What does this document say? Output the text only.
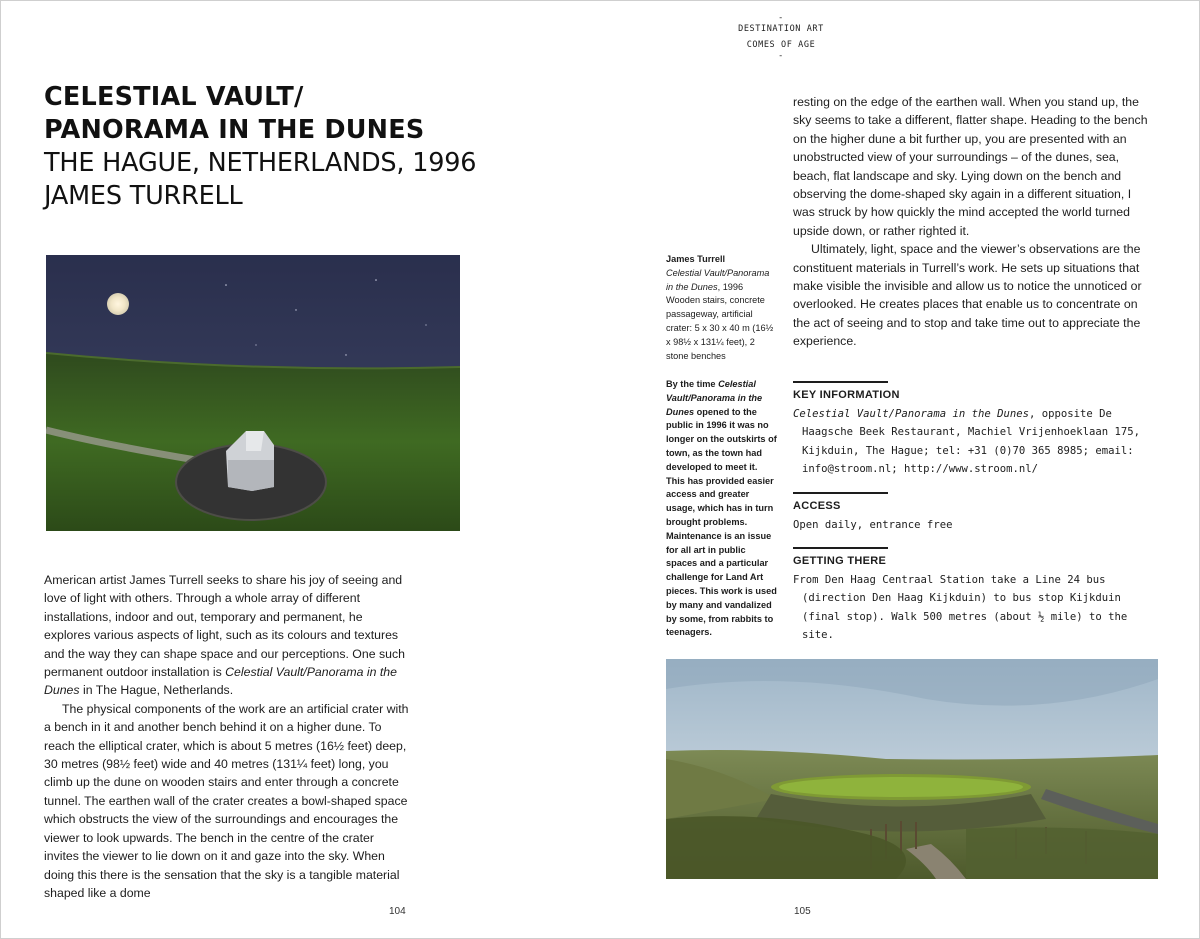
-
DESTINATION ART
COMES OF AGE
-
CELESTIAL VAULT/
PANORAMA IN THE DUNES
THE HAGUE, NETHERLANDS, 1996
JAMES TURRELL

American artist James Turrell seeks to share his joy of seeing and love of light with others. Through a whole array of different installations, indoor and out, temporary and permanent, he explores various aspects of light, such as its colours and textures and the way they can shape space and our perceptions. One such permanent outdoor installation is Celestial Vault/Panorama in the Dunes in The Hague, Netherlands.

The physical components of the work are an artificial crater with a bench in it and another bench behind it on a higher dune. To reach the elliptical crater, which is about 5 metres (16½ feet) deep, 30 metres (98½ feet) wide and 40 metres (131¼ feet) long, you climb up the dune on wooden stairs and enter through a concrete tunnel. The earthen wall of the crater creates a bowl-shaped space which obstructs the view of the surroundings and encourages the viewer to look upwards. The bench in the centre of the crater invites the viewer to lie down on it and gaze into the sky. When doing this there is the sensation that the sky is a tangible material shaped like a dome

James Turrell
Celestial Vault/Panorama in the Dunes, 1996
Wooden stairs, concrete passageway, artificial crater: 5 x 30 x 40 m (16½ x 98½ x 131¼ feet), 2 stone benches
By the time Celestial Vault/Panorama in the Dunes opened to the public in 1996 it was no longer on the outskirts of town, as the town had developed to meet it. This has provided easier access and greater usage, which has in turn brought problems. Maintenance is an issue for all art in public spaces and a particular challenge for Land Art pieces. This work is used by many and vandalized by some, from rabbits to teenagers.

resting on the edge of the earthen wall. When you stand up, the sky seems to take a different, flatter shape. Heading to the bench on the higher dune a bit further up, you are presented with an unobstructed view of your surroundings – of the dunes, sea, beach, flat landscape and sky. Lying down on the bench and observing the dome-shaped sky again in a different situation, I was struck by how quickly the mind accepted the world turned upside down, or rather righted it.

Ultimately, light, space and the viewer’s observations are the constituent materials in Turrell’s work. He sets up situations that make visible the invisible and allow us to notice the unnoticed or overlooked. He creates places that enable us to concentrate on the act of seeing and to stop and take time out to appreciate the experience.

KEY INFORMATION

Celestial Vault/Panorama in the Dunes, opposite De Haagsche Beek Restaurant, Machiel Vrijenhoeklaan 175, Kijkduin, The Hague; tel: +31 (0)70 365 8985; email: info@stroom.nl; http://www.stroom.nl/

ACCESS

Open daily, entrance free

GETTING THERE

From Den Haag Centraal Station take a Line 24 bus (direction Den Haag Kijkduin) to bus stop Kijkduin (final stop). Walk 500 metres (about ½ mile) to the site.

104	105
